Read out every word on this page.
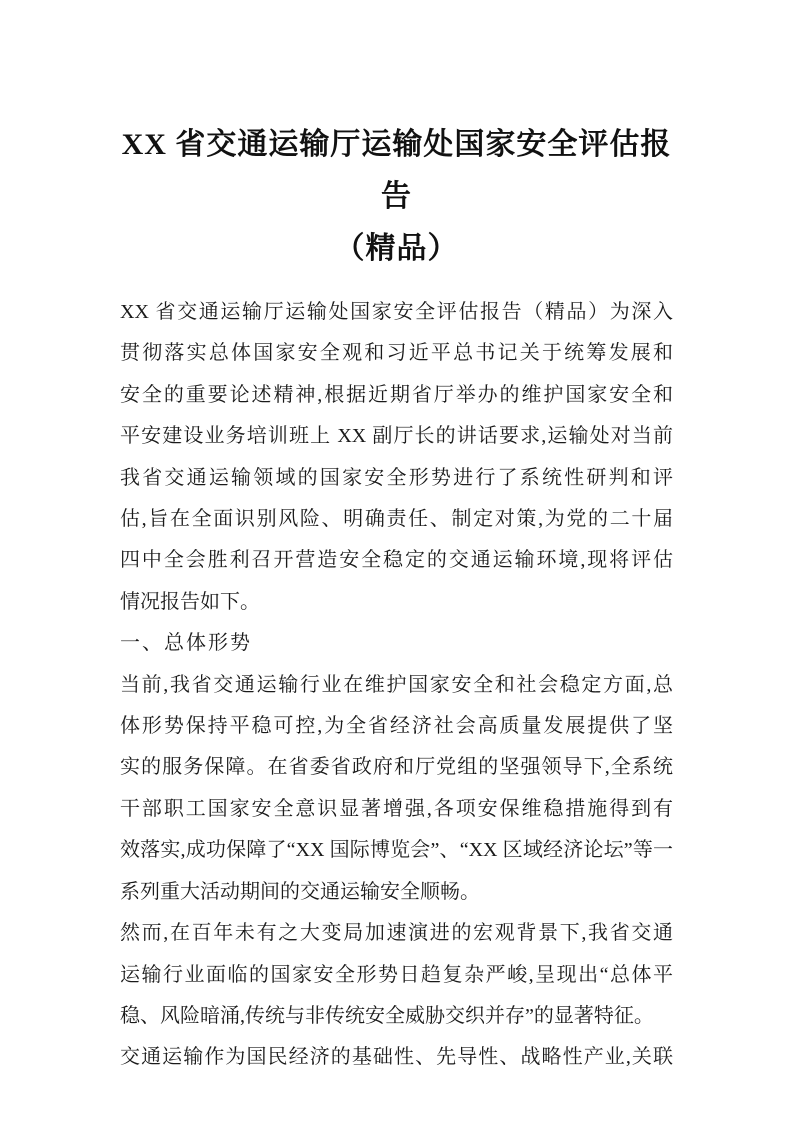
XX 省交通运输厅运输处国家安全评估报告
（精品）
XX 省交通运输厅运输处国家安全评估报告（精品）为深入
贯彻落实总体国家安全观和习近平总书记关于统筹发展和
安全的重要论述精神,根据近期省厅举办的维护国家安全和
平安建设业务培训班上 XX 副厅长的讲话要求,运输处对当前
我省交通运输领域的国家安全形势进行了系统性研判和评
估,旨在全面识别风险、明确责任、制定对策,为党的二十届
四中全会胜利召开营造安全稳定的交通运输环境,现将评估
情况报告如下。
一、总体形势
当前,我省交通运输行业在维护国家安全和社会稳定方面,总
体形势保持平稳可控,为全省经济社会高质量发展提供了坚
实的服务保障。在省委省政府和厅党组的坚强领导下,全系统
干部职工国家安全意识显著增强,各项安保维稳措施得到有
效落实,成功保障了“XX 国际博览会”、“XX 区域经济论坛”等一
系列重大活动期间的交通运输安全顺畅。
然而,在百年未有之大变局加速演进的宏观背景下,我省交通
运输行业面临的国家安全形势日趋复杂严峻,呈现出“总体平
稳、风险暗涌,传统与非传统安全威胁交织并存”的显著特征。
交通运输作为国民经济的基础性、先导性、战略性产业,关联
